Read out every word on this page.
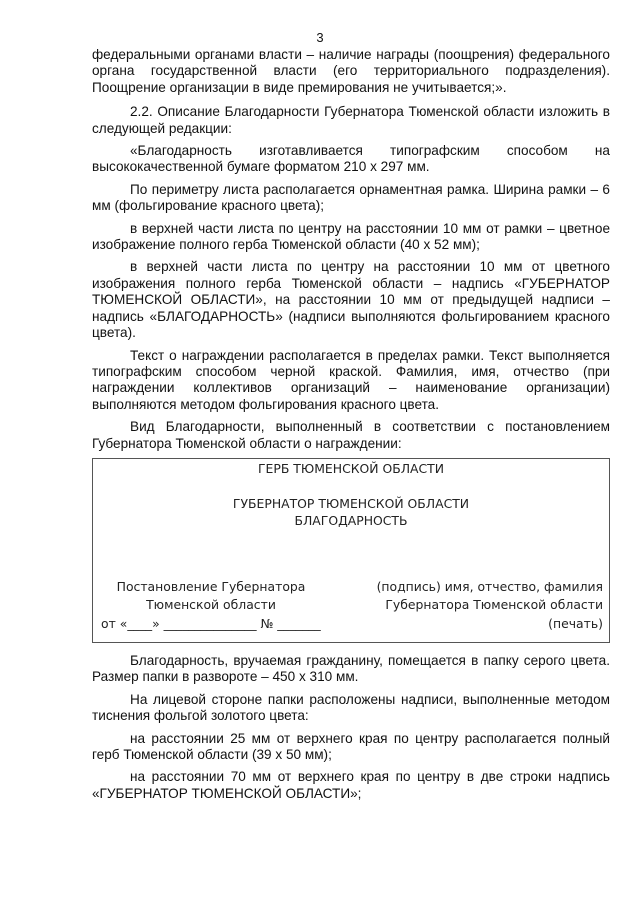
3

федеральными органами власти – наличие награды (поощрения) федерального органа государственной власти (его территориального подразделения). Поощрение организации в виде премирования не учитывается;».

2.2. Описание Благодарности Губернатора Тюменской области изложить в следующей редакции:

«Благодарность изготавливается типографским способом на высококачественной бумаге форматом 210 х 297 мм.

По периметру листа располагается орнаментная рамка. Ширина рамки – 6 мм (фольгирование красного цвета);

в верхней части листа по центру на расстоянии 10 мм от рамки – цветное изображение полного герба Тюменской области (40 х 52 мм);

в верхней части листа по центру на расстоянии 10 мм от цветного изображения полного герба Тюменской области – надпись «ГУБЕРНАТОР ТЮМЕНСКОЙ ОБЛАСТИ», на расстоянии 10 мм от предыдущей надписи – надпись «БЛАГОДАРНОСТЬ» (надписи выполняются фольгированием красного цвета).

Текст о награждении располагается в пределах рамки. Текст выполняется типографским способом черной краской. Фамилия, имя, отчество (при награждении коллективов организаций – наименование организации) выполняются методом фольгирования красного цвета.

Вид Благодарности, выполненный в соответствии с постановлением Губернатора Тюменской области о награждении:

ГЕРБ ТЮМЕНСКОЙ ОБЛАСТИ
ГУБЕРНАТОР ТЮМЕНСКОЙ ОБЛАСТИ
БЛАГОДАРНОСТЬ
Постановление Губернатора
Тюменской области
от «____» _______________ № _______
(подпись) имя, отчество, фамилия
Губернатора Тюменской области
(печать)

Благодарность, вручаемая гражданину, помещается в папку серого цвета. Размер папки в развороте – 450 х 310 мм.

На лицевой стороне папки расположены надписи, выполненные методом тиснения фольгой золотого цвета:

на расстоянии 25 мм от верхнего края по центру располагается полный герб Тюменской области (39 х 50 мм);

на расстоянии 70 мм от верхнего края по центру в две строки надпись «ГУБЕРНАТОР ТЮМЕНСКОЙ ОБЛАСТИ»;
